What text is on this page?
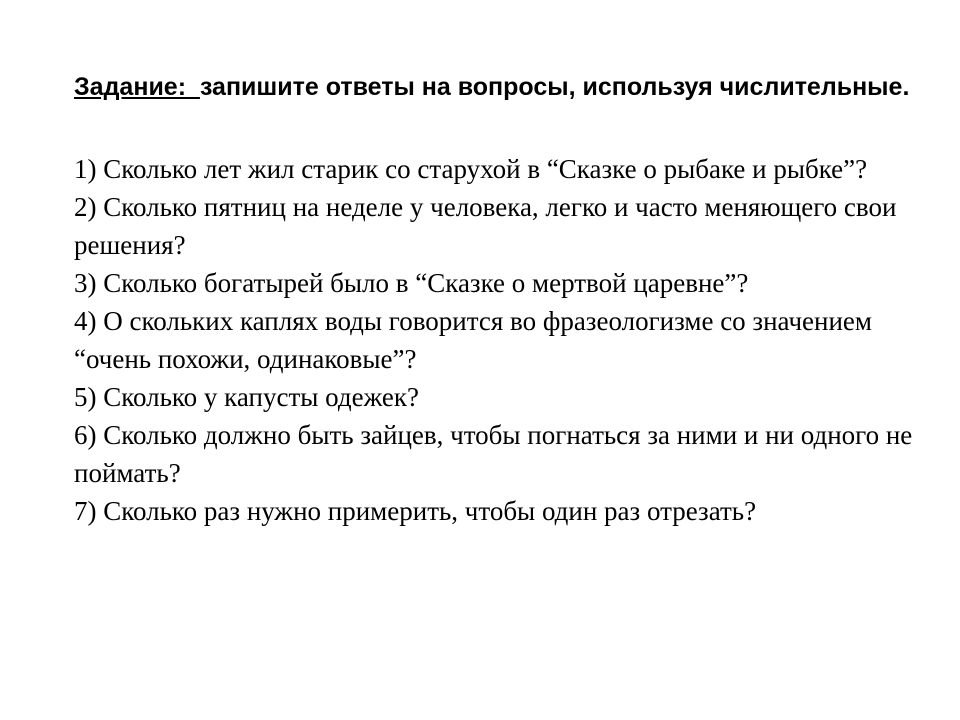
Задание:  запишите ответы на вопросы, используя числительные.

1) Сколько лет жил старик со старухой в “Сказке о рыбаке и рыбке”?
2) Сколько пятниц на неделе у человека, легко и часто меняющего свои решения?
3) Сколько богатырей было в “Сказке о мертвой царевне”?
4) О скольких каплях воды говорится во фразеологизме со значением “очень похожи, одинаковые”?
5) Сколько у капусты одежек?
6) Сколько должно быть зайцев, чтобы погнаться за ними и ни одного не поймать?
7) Сколько раз нужно примерить, чтобы один раз отрезать?
